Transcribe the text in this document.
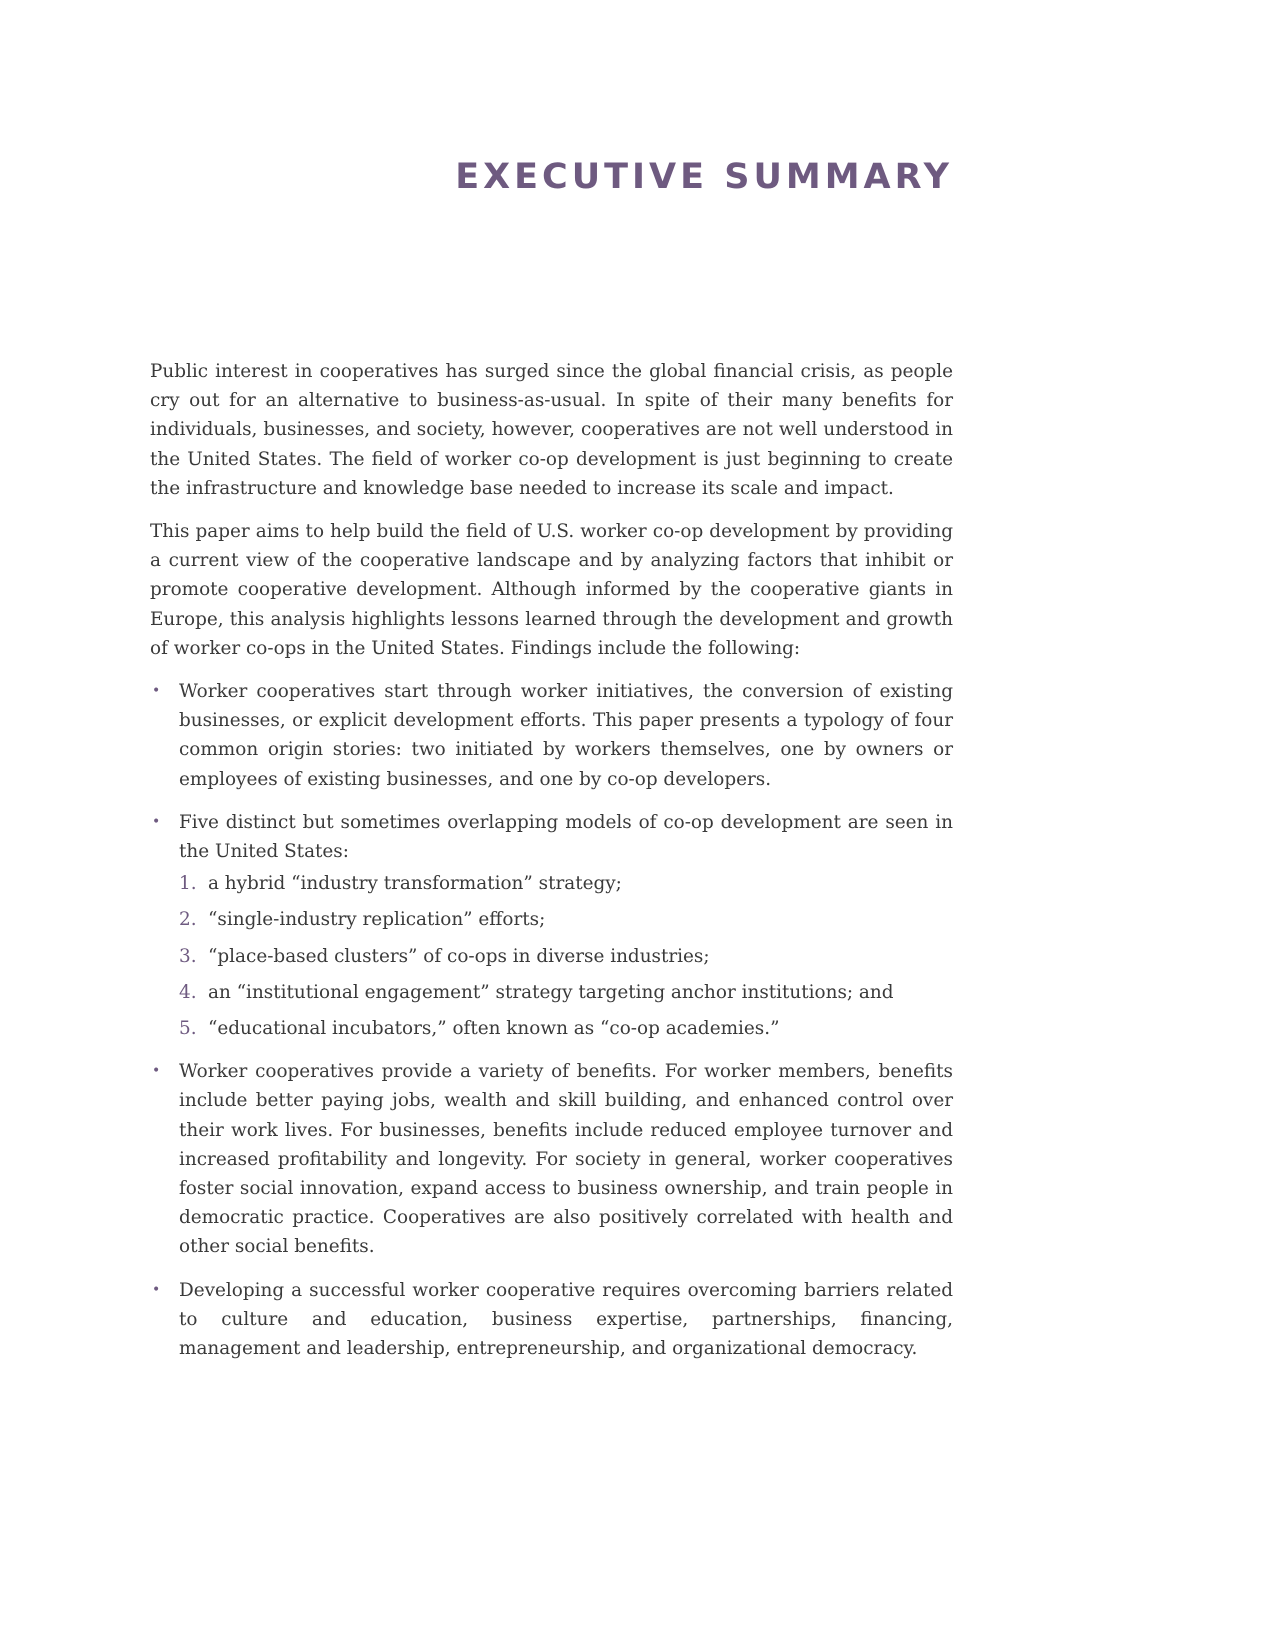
EXECUTIVE SUMMARY

Public interest in cooperatives has surged since the global financial crisis, as people cry out for an alternative to business-as-usual. In spite of their many benefits for individuals, businesses, and society, however, cooperatives are not well understood in the United States. The field of worker co-op development is just beginning to create the infrastructure and knowledge base needed to increase its scale and impact.

This paper aims to help build the field of U.S. worker co-op development by providing a current view of the cooperative landscape and by analyzing factors that inhibit or promote cooperative development. Although informed by the cooperative giants in Europe, this analysis highlights lessons learned through the development and growth of worker co-ops in the United States. Findings include the following:

• Worker cooperatives start through worker initiatives, the conversion of existing businesses, or explicit development efforts. This paper presents a typology of four common origin stories: two initiated by workers themselves, one by owners or employees of existing businesses, and one by co-op developers.
• Five distinct but sometimes overlapping models of co-op development are seen in the United States:
1. a hybrid “industry transformation” strategy;
2. “single-industry replication” efforts;
3. “place-based clusters” of co-ops in diverse industries;
4. an “institutional engagement” strategy targeting anchor institutions; and
5. “educational incubators,” often known as “co-op academies.”
• Worker cooperatives provide a variety of benefits. For worker members, benefits include better paying jobs, wealth and skill building, and enhanced control over their work lives. For businesses, benefits include reduced employee turnover and increased profitability and longevity. For society in general, worker cooperatives foster social innovation, expand access to business ownership, and train people in democratic practice. Cooperatives are also positively correlated with health and other social benefits.
• Developing a successful worker cooperative requires overcoming barriers related to culture and education, business expertise, partnerships, financing, management and leadership, entrepreneurship, and organizational democracy.
